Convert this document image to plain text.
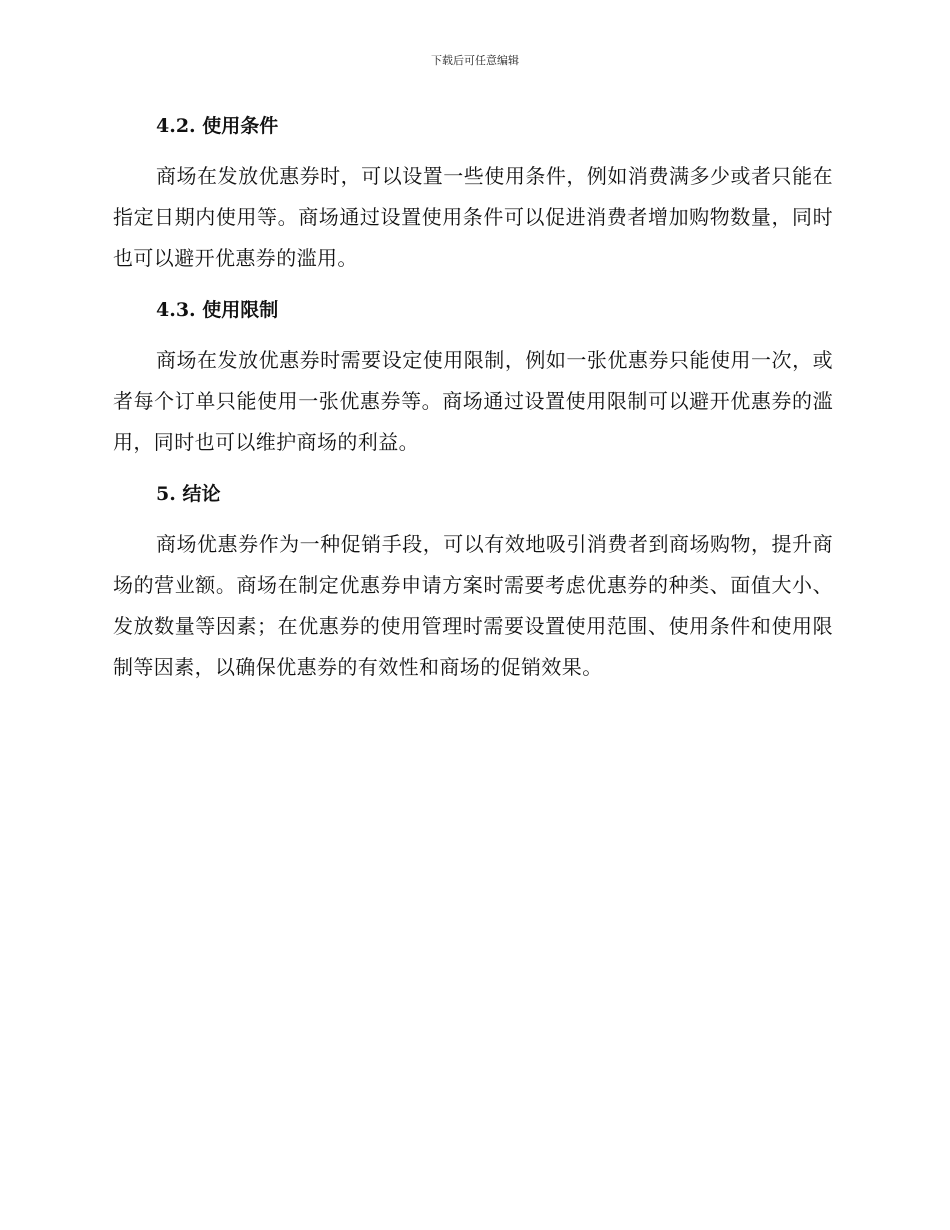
下载后可任意编辑
4.2. 使用条件

商场在发放优惠券时，可以设置一些使用条件，例如消费满多少或者只能在指定日期内使用等。商场通过设置使用条件可以促进消费者增加购物数量，同时也可以避开优惠券的滥用。

4.3. 使用限制

商场在发放优惠券时需要设定使用限制，例如一张优惠券只能使用一次，或者每个订单只能使用一张优惠券等。商场通过设置使用限制可以避开优惠券的滥用，同时也可以维护商场的利益。

5. 结论

商场优惠券作为一种促销手段，可以有效地吸引消费者到商场购物，提升商场的营业额。商场在制定优惠券申请方案时需要考虑优惠券的种类、面值大小、发放数量等因素；在优惠券的使用管理时需要设置使用范围、使用条件和使用限制等因素，以确保优惠券的有效性和商场的促销效果。
